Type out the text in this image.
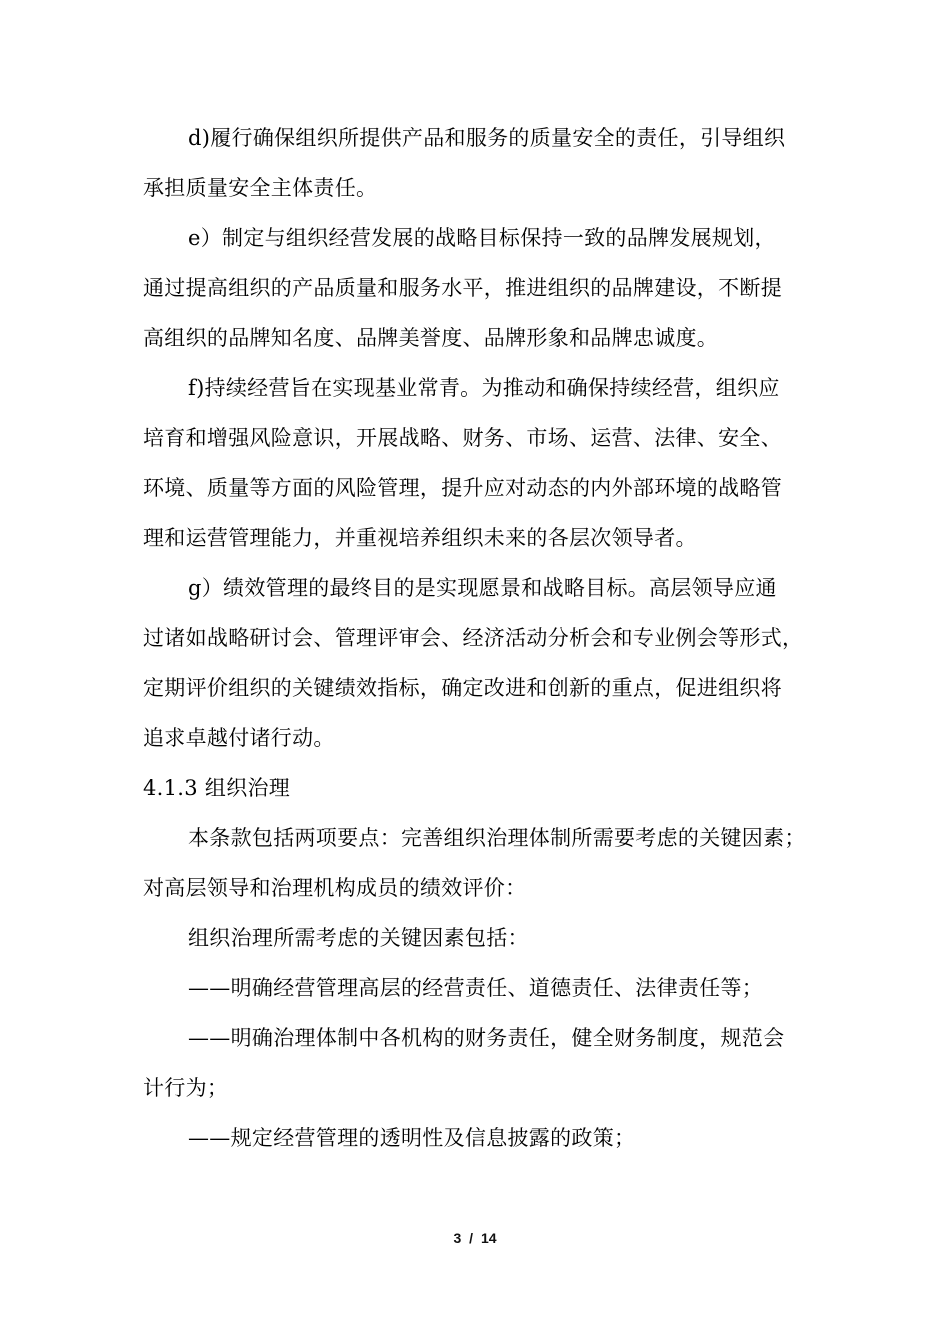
d)履行确保组织所提供产品和服务的质量安全的责任，引导组织
承担质量安全主体责任。
e）制定与组织经营发展的战略目标保持一致的品牌发展规划，
通过提高组织的产品质量和服务水平，推进组织的品牌建设，不断提
高组织的品牌知名度、品牌美誉度、品牌形象和品牌忠诚度。
f)持续经营旨在实现基业常青。为推动和确保持续经营，组织应
培育和增强风险意识，开展战略、财务、市场、运营、法律、安全、
环境、质量等方面的风险管理，提升应对动态的内外部环境的战略管
理和运营管理能力，并重视培养组织未来的各层次领导者。
g）绩效管理的最终目的是实现愿景和战略目标。高层领导应通
过诸如战略研讨会、管理评审会、经济活动分析会和专业例会等形式，
定期评价组织的关键绩效指标，确定改进和创新的重点，促进组织将
追求卓越付诸行动。
4.1.3 组织治理
本条款包括两项要点：完善组织治理体制所需要考虑的关键因素；
对高层领导和治理机构成员的绩效评价：
组织治理所需考虑的关键因素包括：
——明确经营管理高层的经营责任、道德责任、法律责任等；
——明确治理体制中各机构的财务责任，健全财务制度，规范会
计行为；
——规定经营管理的透明性及信息披露的政策；
3 / 14
